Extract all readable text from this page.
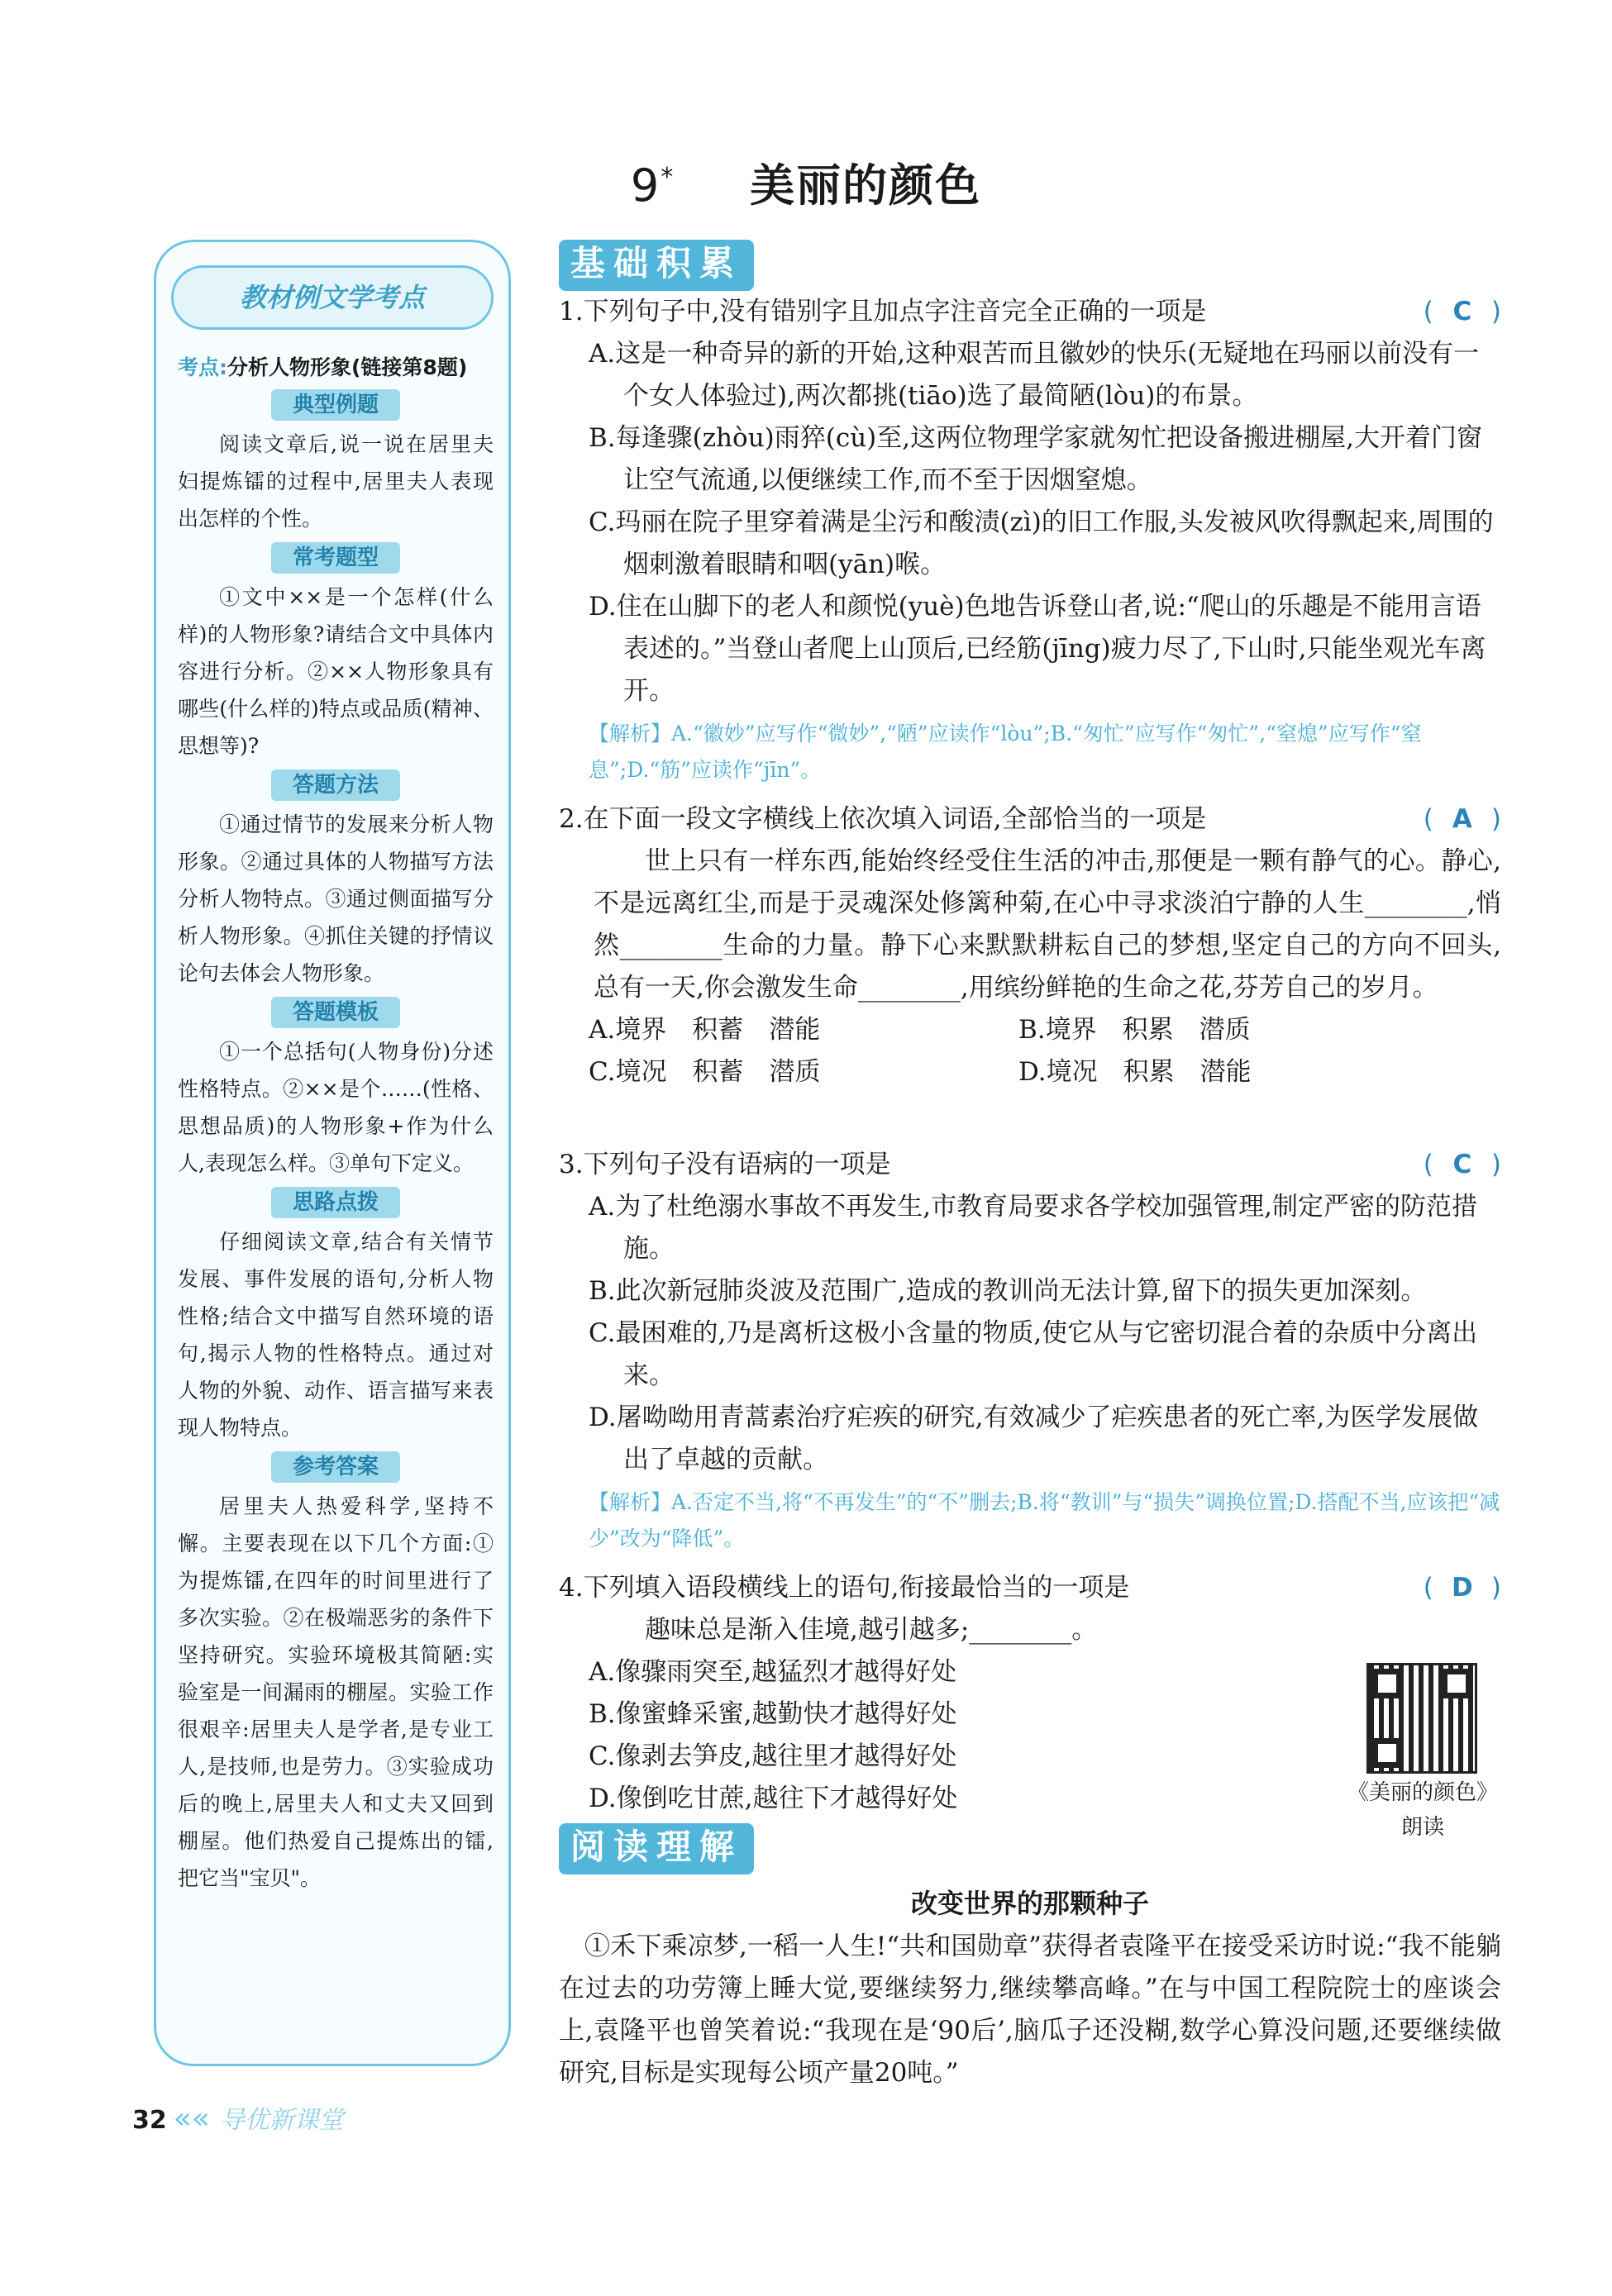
9* 美丽的颜色
教材例文学考点
考点:分析人物形象(链接第8题)
典型例题

阅读文章后,说一说在居里夫妇提炼镭的过程中,居里夫人表现出怎样的个性。

常考题型

①文中××是一个怎样(什么样)的人物形象?请结合文中具体内容进行分析。②××人物形象具有哪些(什么样的)特点或品质(精神、思想等)?

答题方法

①通过情节的发展来分析人物形象。②通过具体的人物描写方法分析人物特点。③通过侧面描写分析人物形象。④抓住关键的抒情议论句去体会人物形象。

答题模板

①一个总括句(人物身份)分述性格特点。②××是个……(性格、思想品质)的人物形象+作为什么人,表现怎么样。③单句下定义。

思路点拨

仔细阅读文章,结合有关情节发展、事件发展的语句,分析人物性格;结合文中描写自然环境的语句,揭示人物的性格特点。通过对人物的外貌、动作、语言描写来表现人物特点。

参考答案

居里夫人热爱科学,坚持不懈。主要表现在以下几个方面:①为提炼镭,在四年的时间里进行了多次实验。②在极端恶劣的条件下坚持研究。实验环境极其简陋:实验室是一间漏雨的棚屋。实验工作很艰辛:居里夫人是学者,是专业工人,是技师,也是劳力。③实验成功后的晚上,居里夫人和丈夫又回到棚屋。他们热爱自己提炼出的镭,把它当"宝贝"。

基础积累
1.下列句子中,没有错别字且加点字注音完全正确的一项是	( C )
A.这是一种奇异的新的开始,这种艰苦而且徽妙的快乐(无疑地在玛丽以前没有一个女人体验过),两次都挑(tiāo)选了最简陋(lòu)的布景。
B.每逢骤(zhòu)雨猝(cù)至,这两位物理学家就匆忙把设备搬进棚屋,大开着门窗让空气流通,以便继续工作,而不至于因烟窒熄。
C.玛丽在院子里穿着满是尘污和酸渍(zì)的旧工作服,头发被风吹得飘起来,周围的烟刺激着眼睛和咽(yān)喉。
D.住在山脚下的老人和颜悦(yuè)色地告诉登山者,说:“爬山的乐趣是不能用言语表述的。”当登山者爬上山顶后,已经筋(jīng)疲力尽了,下山时,只能坐观光车离开。
【解析】A.“徽妙”应写作“微妙”,“陋”应读作“lòu”;B.“匆忙”应写作“匆忙”,“窒熄”应写作“窒息”;D.“筋”应读作“jīn”。
2.在下面一段文字横线上依次填入词语,全部恰当的一项是	( A )
世上只有一样东西,能始终经受住生活的冲击,那便是一颗有静气的心。静心,不是远离红尘,而是于灵魂深处修篱种菊,在心中寻求淡泊宁静的人生________,悄然________生命的力量。静下心来默默耕耘自己的梦想,坚定自己的方向不回头,总有一天,你会激发生命________,用缤纷鲜艳的生命之花,芬芳自己的岁月。
A.境界　积蓄　潜能	B.境界　积累　潜质
C.境况　积蓄　潜质	D.境况　积累　潜能
3.下列句子没有语病的一项是	( C )
A.为了杜绝溺水事故不再发生,市教育局要求各学校加强管理,制定严密的防范措施。
B.此次新冠肺炎波及范围广,造成的教训尚无法计算,留下的损失更加深刻。
C.最困难的,乃是离析这极小含量的物质,使它从与它密切混合着的杂质中分离出来。
D.屠呦呦用青蒿素治疗疟疾的研究,有效减少了疟疾患者的死亡率,为医学发展做出了卓越的贡献。
【解析】A.否定不当,将“不再发生”的“不”删去;B.将“教训”与“损失”调换位置;D.搭配不当,应该把“减少”改为“降低”。
4.下列填入语段横线上的语句,衔接最恰当的一项是	( D )
趣味总是渐入佳境,越引越多;________。
A.像骤雨突至,越猛烈才越得好处
B.像蜜蜂采蜜,越勤快才越得好处
C.像剥去笋皮,越往里才越得好处
D.像倒吃甘蔗,越往下才越得好处
阅读理解
《美丽的颜色》朗读
改变世界的那颗种子
①禾下乘凉梦,一稻一人生!“共和国勋章”获得者袁隆平在接受采访时说:“我不能躺在过去的功劳簿上睡大觉,要继续努力,继续攀高峰。”在与中国工程院院士的座谈会上,袁隆平也曾笑着说:“我现在是‘90后’,脑瓜子还没糊,数学心算没问题,还要继续做研究,目标是实现每公顷产量20吨。”
32 «« 导优新课堂
